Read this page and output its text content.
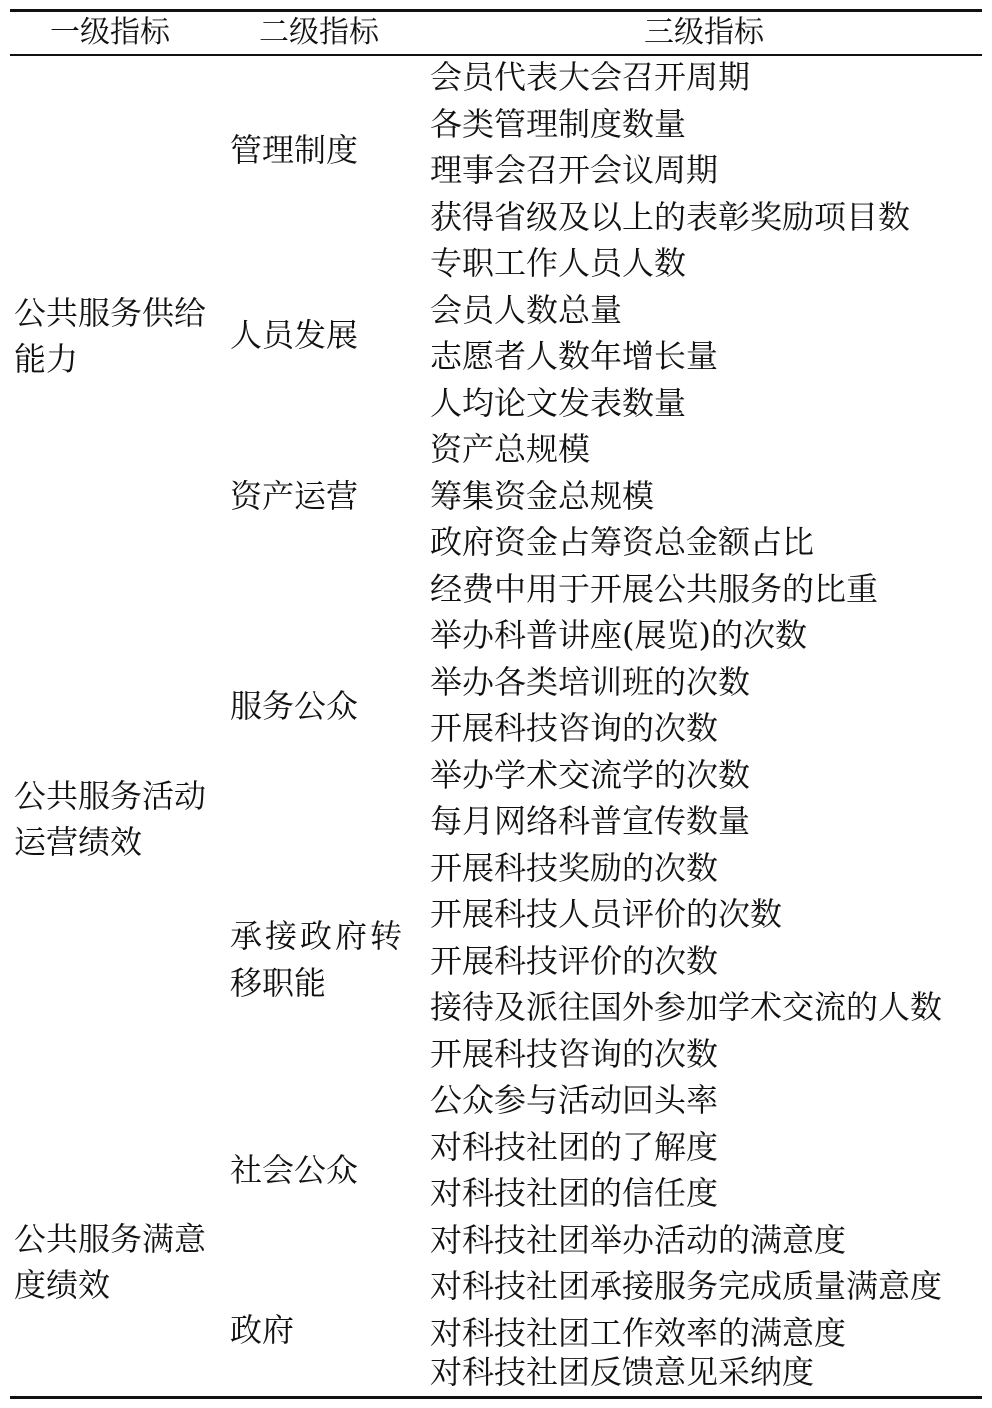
一级指标	二级指标	三级指标
公共服务供给
能力
公共服务活动
运营绩效
公共服务满意
度绩效
管理制度
人员发展
资产运营
服务公众
承接政府转
移职能
社会公众
政府
会员代表大会召开周期
各类管理制度数量
理事会召开会议周期
获得省级及以上的表彰奖励项目数
专职工作人员人数
会员人数总量
志愿者人数年增长量
人均论文发表数量
资产总规模
筹集资金总规模
政府资金占筹资总金额占比
经费中用于开展公共服务的比重
举办科普讲座(展览)的次数
举办各类培训班的次数
开展科技咨询的次数
举办学术交流学的次数
每月网络科普宣传数量
开展科技奖励的次数
开展科技人员评价的次数
开展科技评价的次数
接待及派往国外参加学术交流的人数
开展科技咨询的次数
公众参与活动回头率
对科技社团的了解度
对科技社团的信任度
对科技社团举办活动的满意度
对科技社团承接服务完成质量满意度
对科技社团工作效率的满意度
对科技社团反馈意见采纳度
